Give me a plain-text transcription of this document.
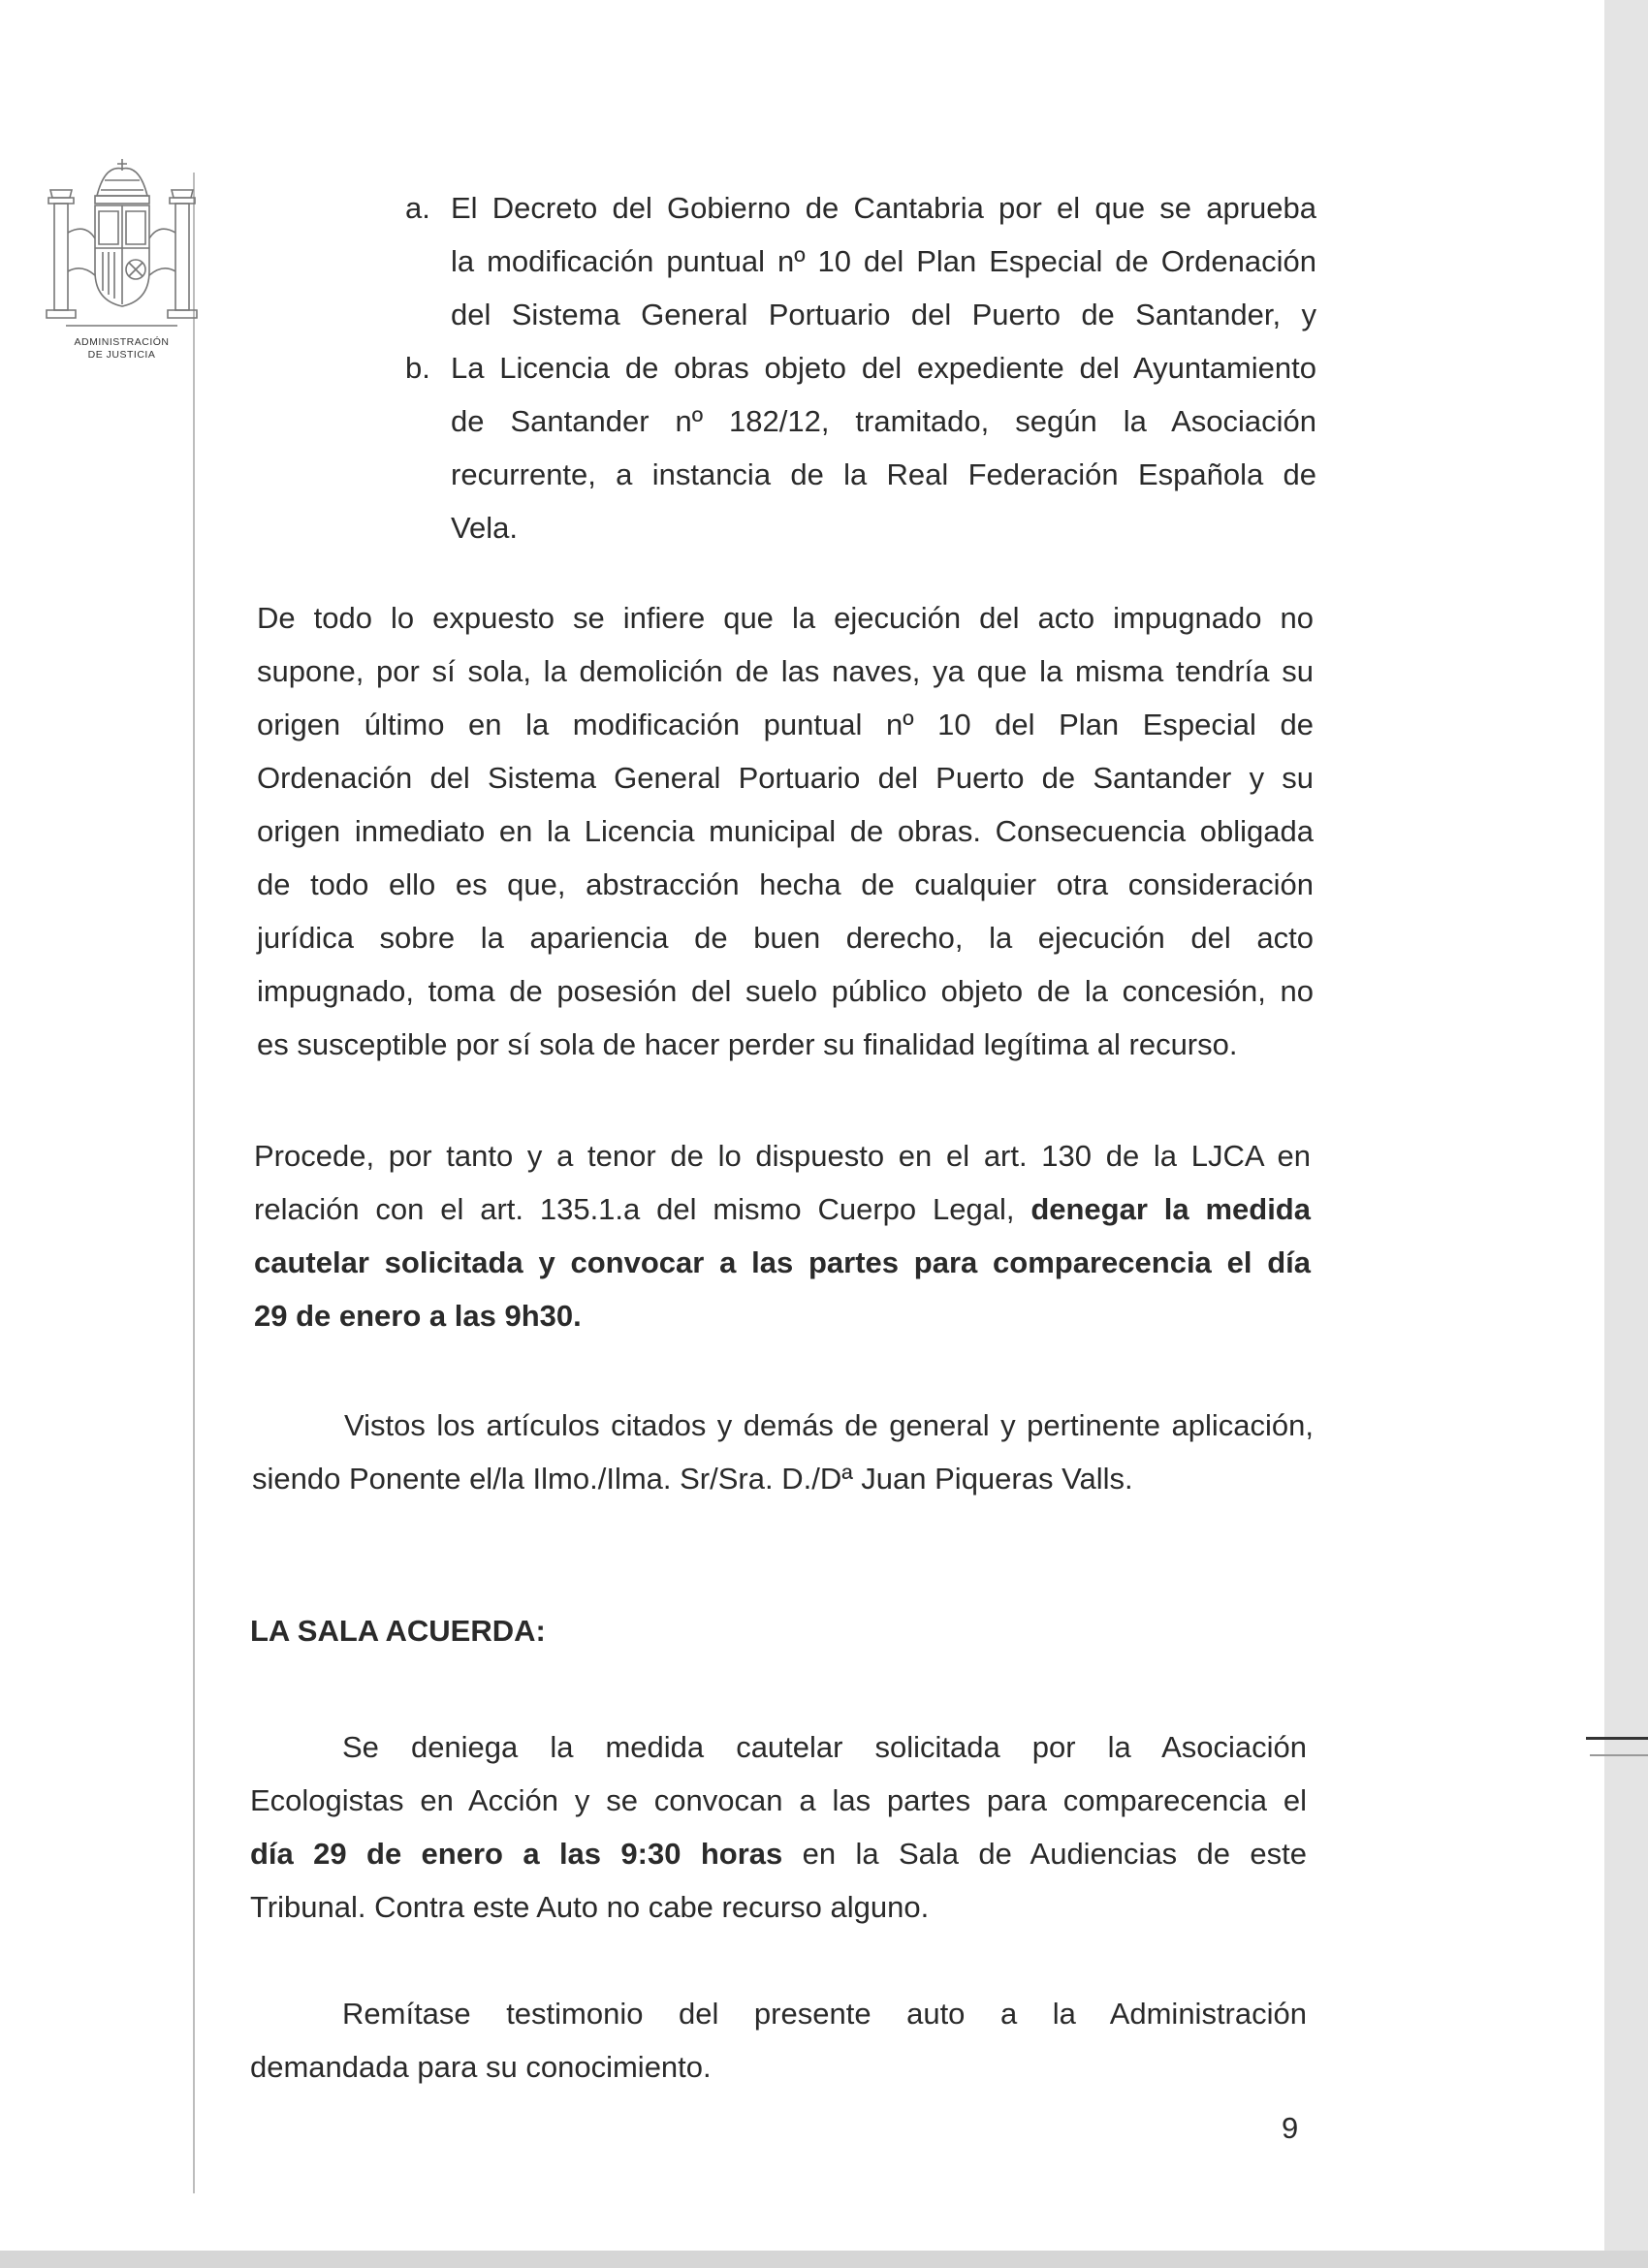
ADMINISTRACIÓN
DE JUSTICIA
a. El Decreto del Gobierno de Cantabria por el que se aprueba
la modificación puntual nº 10 del Plan Especial de Ordenación
del Sistema General Portuario del Puerto de Santander, y
b. La Licencia de obras objeto del expediente del Ayuntamiento
de Santander nº 182/12, tramitado, según la Asociación
recurrente, a instancia de la Real Federación Española de
Vela.
De todo lo expuesto se infiere que la ejecución del acto impugnado no
supone, por sí sola, la demolición de las naves, ya que la misma tendría su
origen último en la modificación puntual nº 10 del Plan Especial de
Ordenación del Sistema General Portuario del Puerto de Santander y su
origen inmediato en la Licencia municipal de obras. Consecuencia obligada
de todo ello es que, abstracción hecha de cualquier otra consideración
jurídica sobre la apariencia de buen derecho, la ejecución del acto
impugnado, toma de posesión del suelo público objeto de la concesión, no
es susceptible por sí sola de hacer perder su finalidad legítima al recurso.
Procede, por tanto y a tenor de lo dispuesto en el art. 130 de la LJCA en
relación con el art. 135.1.a del mismo Cuerpo Legal, denegar la medida
cautelar solicitada y convocar a las partes para comparecencia el día
29 de enero a las 9h30.
Vistos los artículos citados y demás de general y pertinente aplicación,
siendo Ponente el/la Ilmo./Ilma. Sr/Sra. D./Dª Juan Piqueras Valls.
LA SALA ACUERDA:
Se deniega la medida cautelar solicitada por la Asociación
Ecologistas en Acción y se convocan a las partes para comparecencia el
día 29 de enero a las 9:30 horas en la Sala de Audiencias de este
Tribunal. Contra este Auto no cabe recurso alguno.
Remítase testimonio del presente auto a la Administración
demandada para su conocimiento.
9
